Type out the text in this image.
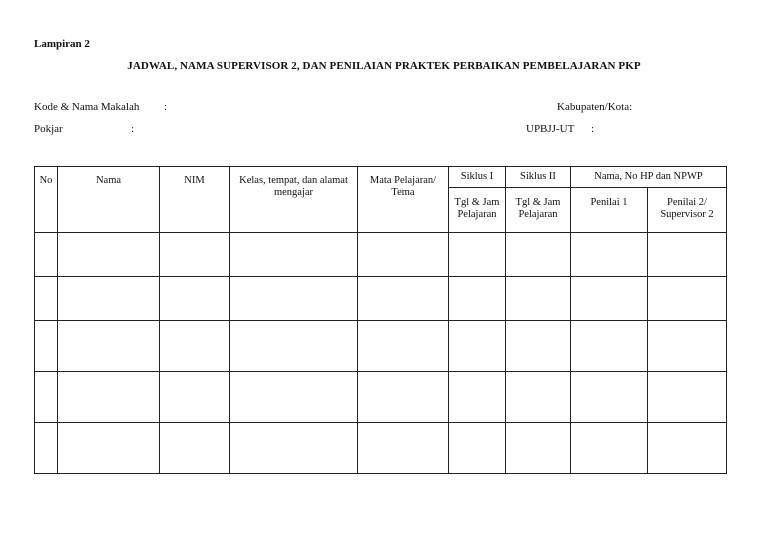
Lampiran 2
JADWAL, NAMA SUPERVISOR 2, DAN PENILAIAN PRAKTEK PERBAIKAN PEMBELAJARAN PKP
Kode & Nama Makalah :	Kabupaten/Kota:
Pokjar	:	UPBJJ-UT :
No	Nama	NIM	Kelas, tempat, dan alamat mengajar	Mata Pelajaran/ Tema	Siklus I	Siklus II	Nama, No HP dan NPWP	
					Tgl & Jam Pelajaran	Tgl & Jam Pelajaran	Penilai 1	Penilai 2/ Supervisor 2
